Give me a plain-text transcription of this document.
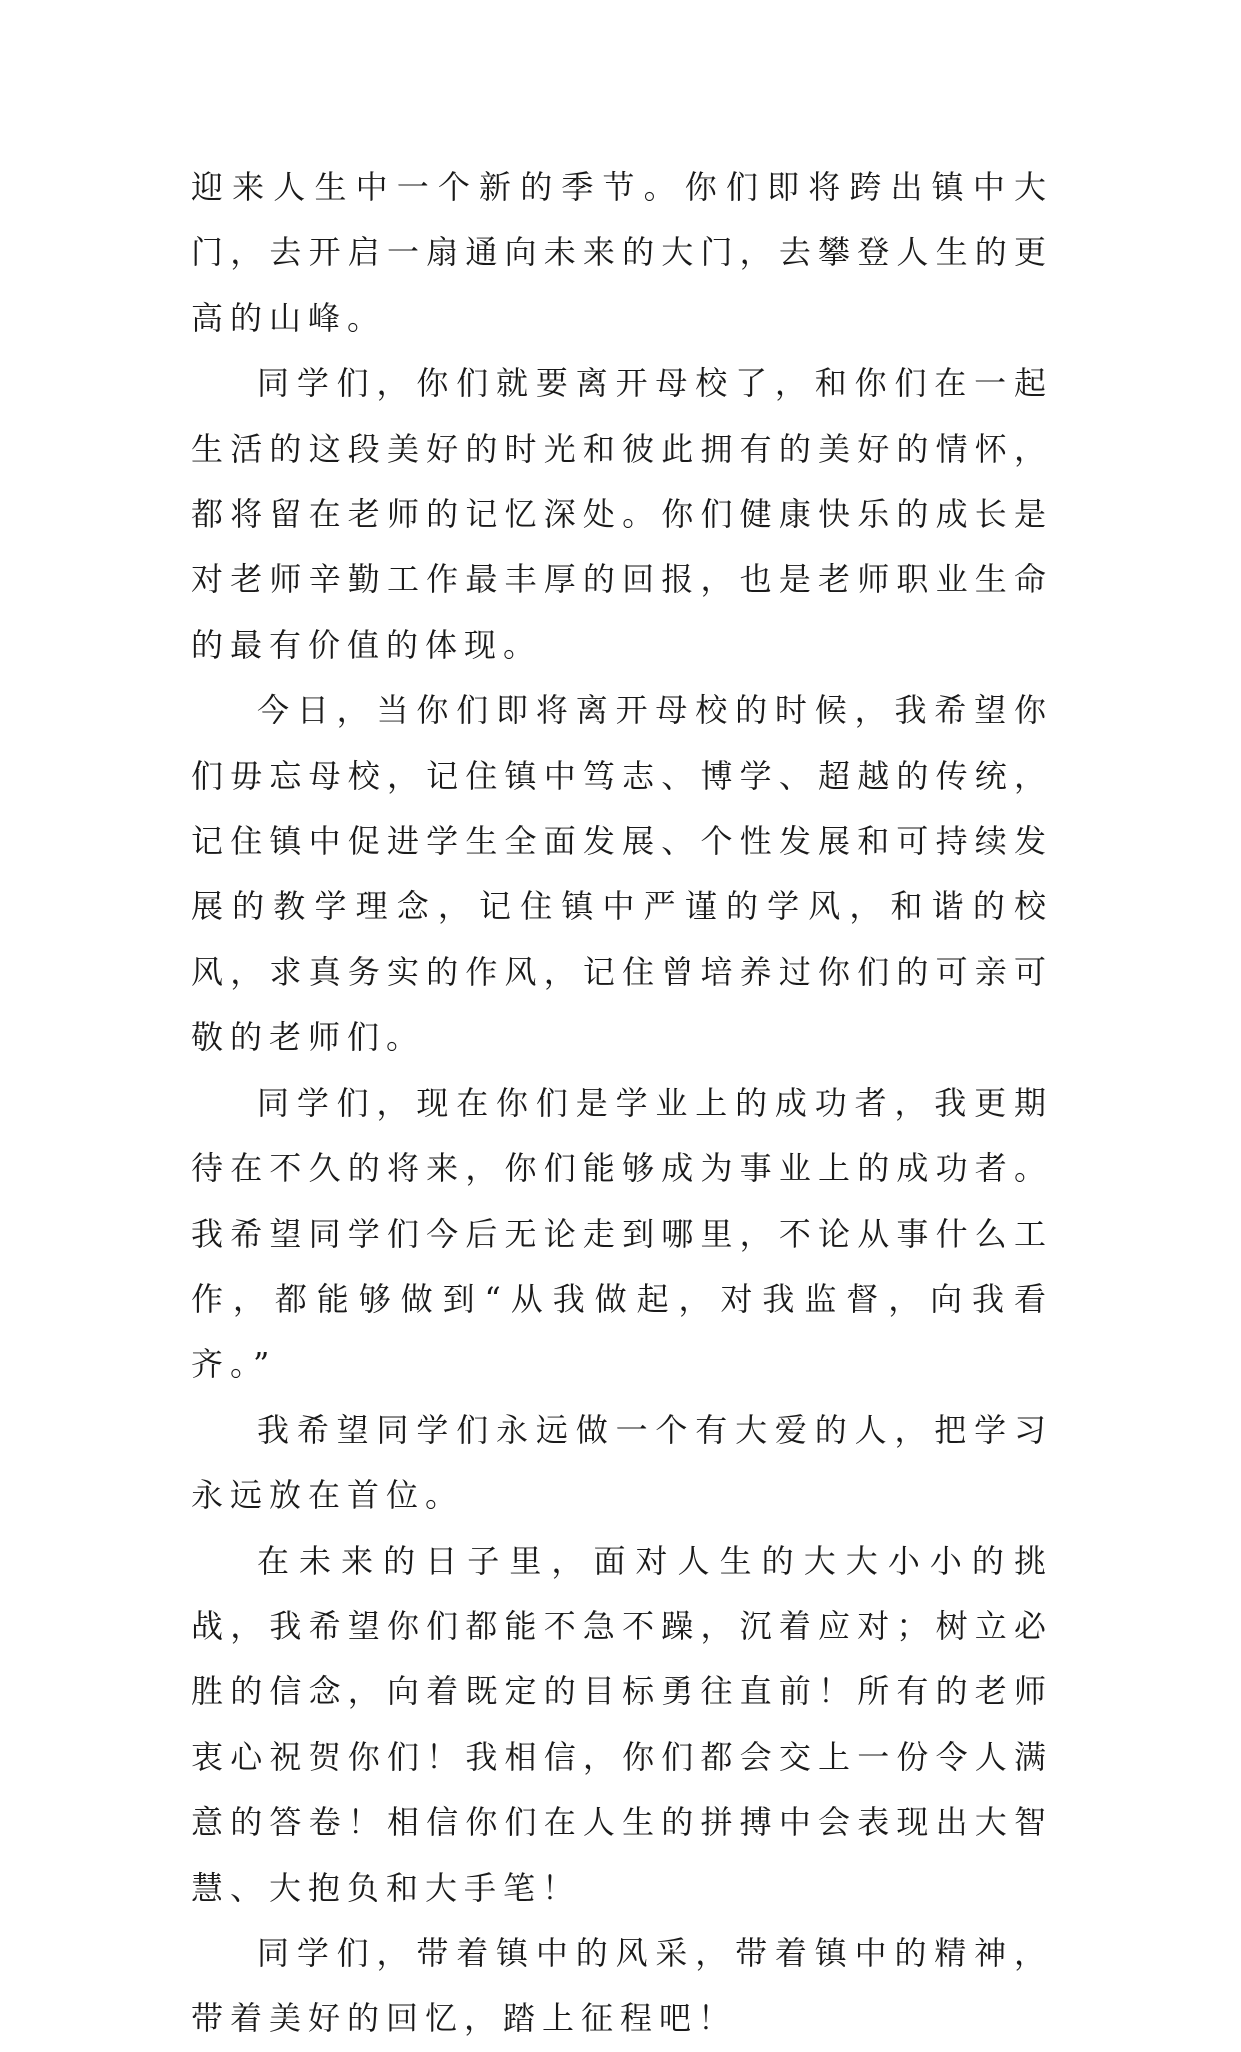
迎来人生中一个新的季节。你们即将跨出镇中大门，去开启一扇通向未来的大门，去攀登人生的更高的山峰。

同学们，你们就要离开母校了，和你们在一起生活的这段美好的时光和彼此拥有的美好的情怀，都将留在老师的记忆深处。你们健康快乐的成长是对老师辛勤工作最丰厚的回报，也是老师职业生命的最有价值的体现。

今日，当你们即将离开母校的时候，我希望你们毋忘母校，记住镇中笃志、博学、超越的传统，记住镇中促进学生全面发展、个性发展和可持续发展的教学理念，记住镇中严谨的学风，和谐的校风，求真务实的作风，记住曾培养过你们的可亲可敬的老师们。

同学们，现在你们是学业上的成功者，我更期待在不久的将来，你们能够成为事业上的成功者。我希望同学们今后无论走到哪里，不论从事什么工作，都能够做到“从我做起，对我监督，向我看齐。”

我希望同学们永远做一个有大爱的人，把学习永远放在首位。

在未来的日子里，面对人生的大大小小的挑战，我希望你们都能不急不躁，沉着应对；树立必胜的信念，向着既定的目标勇往直前！所有的老师衷心祝贺你们！我相信，你们都会交上一份令人满意的答卷！相信你们在人生的拼搏中会表现出大智慧、大抱负和大手笔！

同学们，带着镇中的风采，带着镇中的精神，带着美好的回忆，踏上征程吧！
